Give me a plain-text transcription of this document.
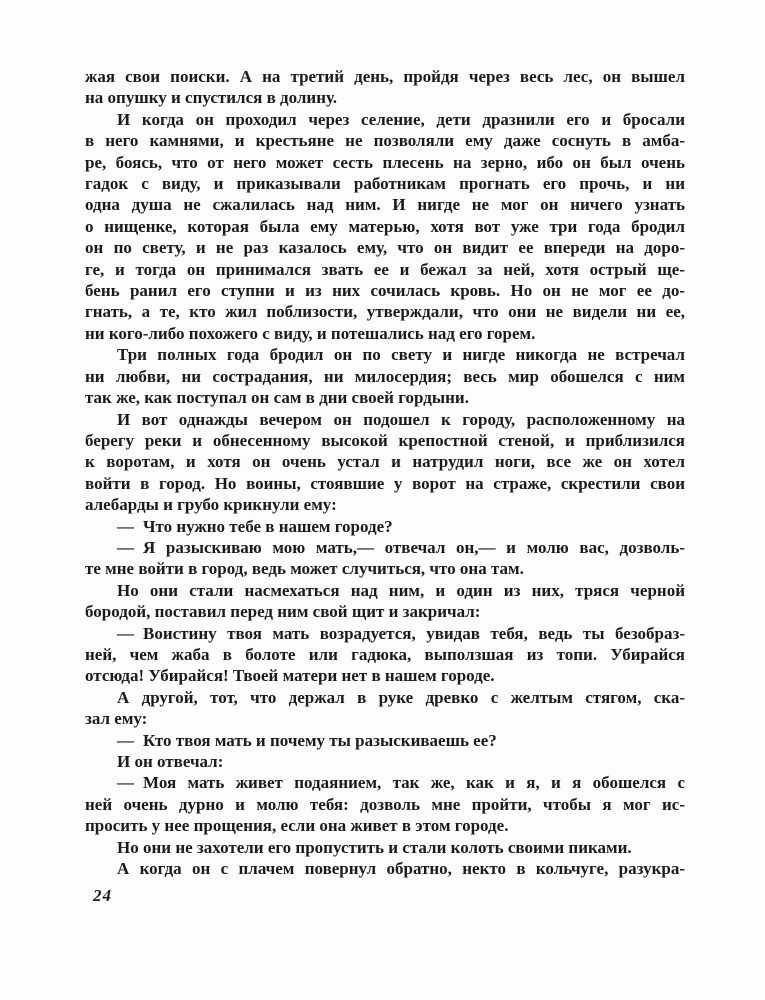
жая свои поиски. А на третий день, пройдя через весь лес, он вышел
на опушку и спустился в долину.

И когда он проходил через селение, дети дразнили его и бросали
в него камнями, и крестьяне не позволяли ему даже соснуть в амба-
ре, боясь, что от него может сесть плесень на зерно, ибо он был очень
гадок с виду, и приказывали работникам прогнать его прочь, и ни
одна душа не сжалилась над ним. И нигде не мог он ничего узнать
о нищенке, которая была ему матерью, хотя вот уже три года бродил
он по свету, и не раз казалось ему, что он видит ее впереди на доро-
ге, и тогда он принимался звать ее и бежал за ней, хотя острый ще-
бень ранил его ступни и из них сочилась кровь. Но он не мог ее до-
гнать, а те, кто жил поблизости, утверждали, что они не видели ни ее,
ни кого-либо похожего с виду, и потешались над его горем.

Три полных года бродил он по свету и нигде никогда не встречал
ни любви, ни сострадания, ни милосердия; весь мир обошелся с ним
так же, как поступал он сам в дни своей гордыни.

И вот однажды вечером он подошел к городу, расположенному на
берегу реки и обнесенному высокой крепостной стеной, и приблизился
к воротам, и хотя он очень устал и натрудил ноги, все же он хотел
войти в город. Но воины, стоявшие у ворот на страже, скрестили свои
алебарды и грубо крикнули ему:

— Что нужно тебе в нашем городе?

— Я разыскиваю мою мать,— отвечал он,— и молю вас, дозволь-
те мне войти в город, ведь может случиться, что она там.

Но они стали насмехаться над ним, и один из них, тряся черной
бородой, поставил перед ним свой щит и закричал:

— Воистину твоя мать возрадуется, увидав тебя, ведь ты безобраз-
ней, чем жаба в болоте или гадюка, выползшая из топи. Убирайся
отсюда! Убирайся! Твоей матери нет в нашем городе.

А другой, тот, что держал в руке древко с желтым стягом, ска-
зал ему:

— Кто твоя мать и почему ты разыскиваешь ее?

И он отвечал:

— Моя мать живет подаянием, так же, как и я, и я обошелся с
ней очень дурно и молю тебя: дозволь мне пройти, чтобы я мог ис-
просить у нее прощения, если она живет в этом городе.

Но они не захотели его пропустить и стали колоть своими пиками.

А когда он с плачем повернул обратно, некто в кольчуге, разукра-

24
